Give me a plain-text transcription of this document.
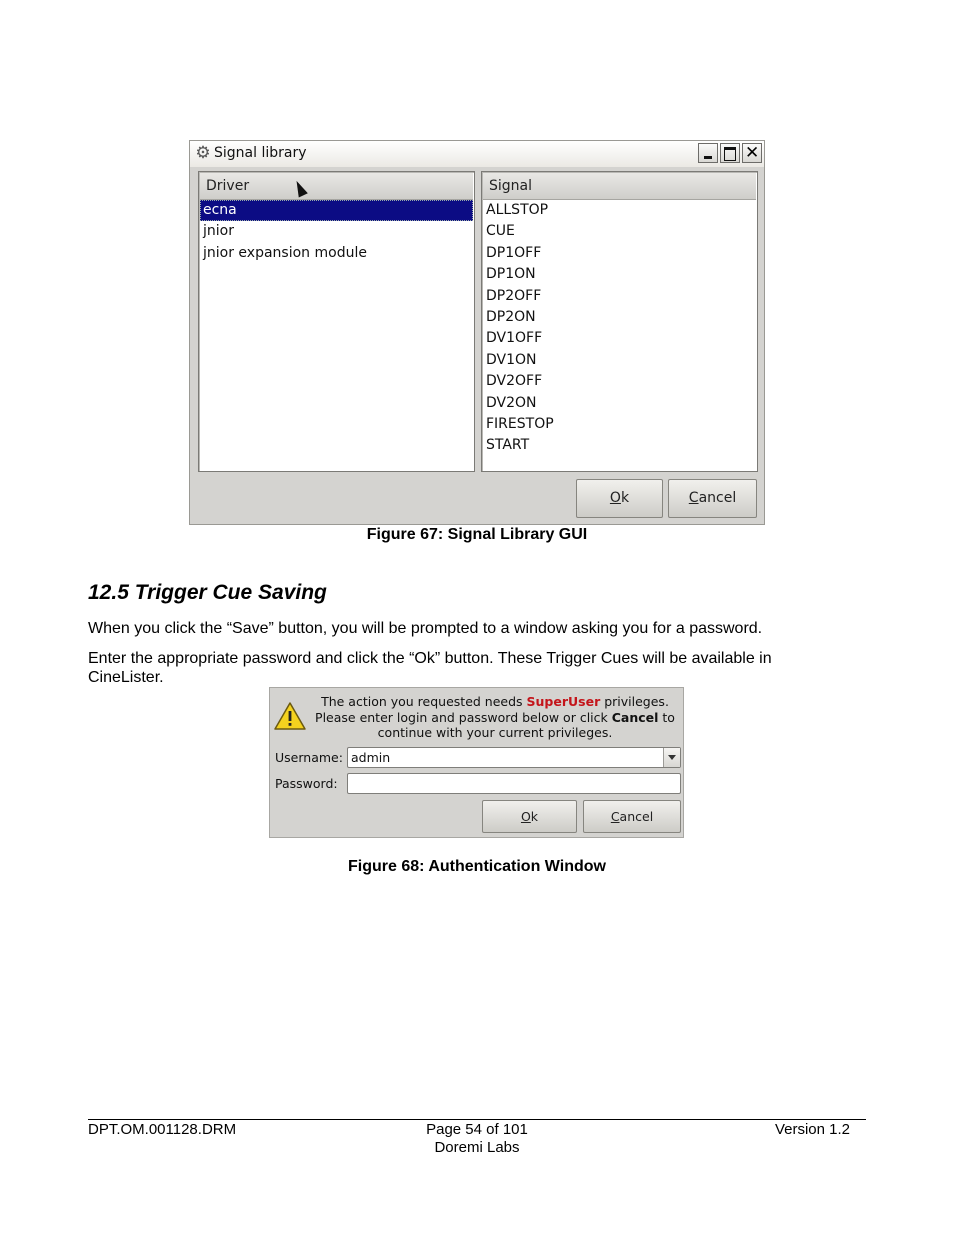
⚙ Signal library	✕
Driver
ecna
jnior
jnior expansion module
Signal
ALLSTOP
CUE
DP1OFF
DP1ON
DP2OFF
DP2ON
DV1OFF
DV1ON
DV2OFF
DV2ON
FIRESTOP
START
Ok	Cancel
Figure 67: Signal Library GUI
12.5 Trigger Cue Saving
When you click the “Save” button, you will be prompted to a window asking you for a password.
Enter the appropriate password and click the “Ok” button. These Trigger Cues will be available in CineLister.
The action you requested needs SuperUser privileges.
Please enter login and password below or click Cancel to
continue with your current privileges.
Username: admin
Password:
Ok	Cancel
Figure 68: Authentication Window
DPT.OM.001128.DRM	Page 54 of 101
Doremi Labs
Version 1.2
